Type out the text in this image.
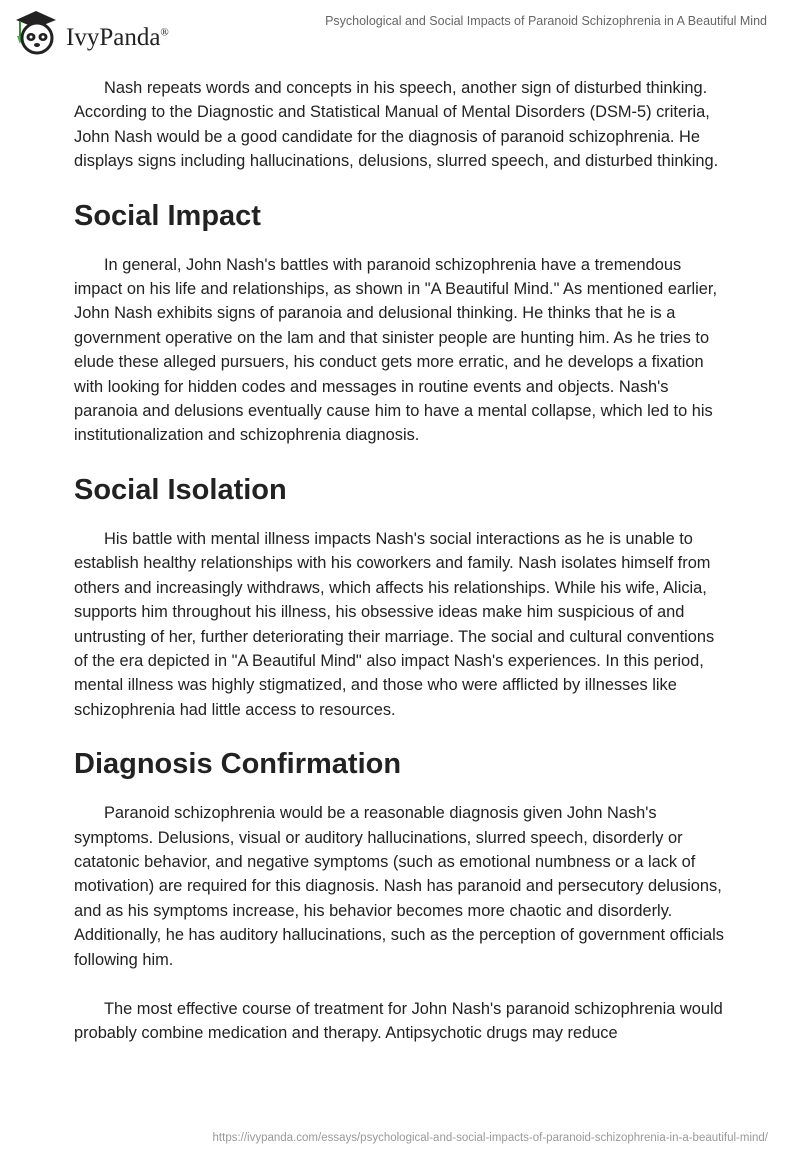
IvyPanda®
Psychological and Social Impacts of Paranoid Schizophrenia in A Beautiful Mind

Nash repeats words and concepts in his speech, another sign of disturbed thinking. According to the Diagnostic and Statistical Manual of Mental Disorders (DSM-5) criteria, John Nash would be a good candidate for the diagnosis of paranoid schizophrenia. He displays signs including hallucinations, delusions, slurred speech, and disturbed thinking.

Social Impact

In general, John Nash's battles with paranoid schizophrenia have a tremendous impact on his life and relationships, as shown in "A Beautiful Mind." As mentioned earlier, John Nash exhibits signs of paranoia and delusional thinking. He thinks that he is a government operative on the lam and that sinister people are hunting him. As he tries to elude these alleged pursuers, his conduct gets more erratic, and he develops a fixation with looking for hidden codes and messages in routine events and objects. Nash's paranoia and delusions eventually cause him to have a mental collapse, which led to his institutionalization and schizophrenia diagnosis.

Social Isolation

His battle with mental illness impacts Nash's social interactions as he is unable to establish healthy relationships with his coworkers and family. Nash isolates himself from others and increasingly withdraws, which affects his relationships. While his wife, Alicia, supports him throughout his illness, his obsessive ideas make him suspicious of and untrusting of her, further deteriorating their marriage. The social and cultural conventions of the era depicted in "A Beautiful Mind" also impact Nash's experiences. In this period, mental illness was highly stigmatized, and those who were afflicted by illnesses like schizophrenia had little access to resources.

Diagnosis Confirmation

Paranoid schizophrenia would be a reasonable diagnosis given John Nash's symptoms. Delusions, visual or auditory hallucinations, slurred speech, disorderly or catatonic behavior, and negative symptoms (such as emotional numbness or a lack of motivation) are required for this diagnosis. Nash has paranoid and persecutory delusions, and as his symptoms increase, his behavior becomes more chaotic and disorderly. Additionally, he has auditory hallucinations, such as the perception of government officials following him.

The most effective course of treatment for John Nash's paranoid schizophrenia would probably combine medication and therapy. Antipsychotic drugs may reduce

https://ivypanda.com/essays/psychological-and-social-impacts-of-paranoid-schizophrenia-in-a-beautiful-mind/
